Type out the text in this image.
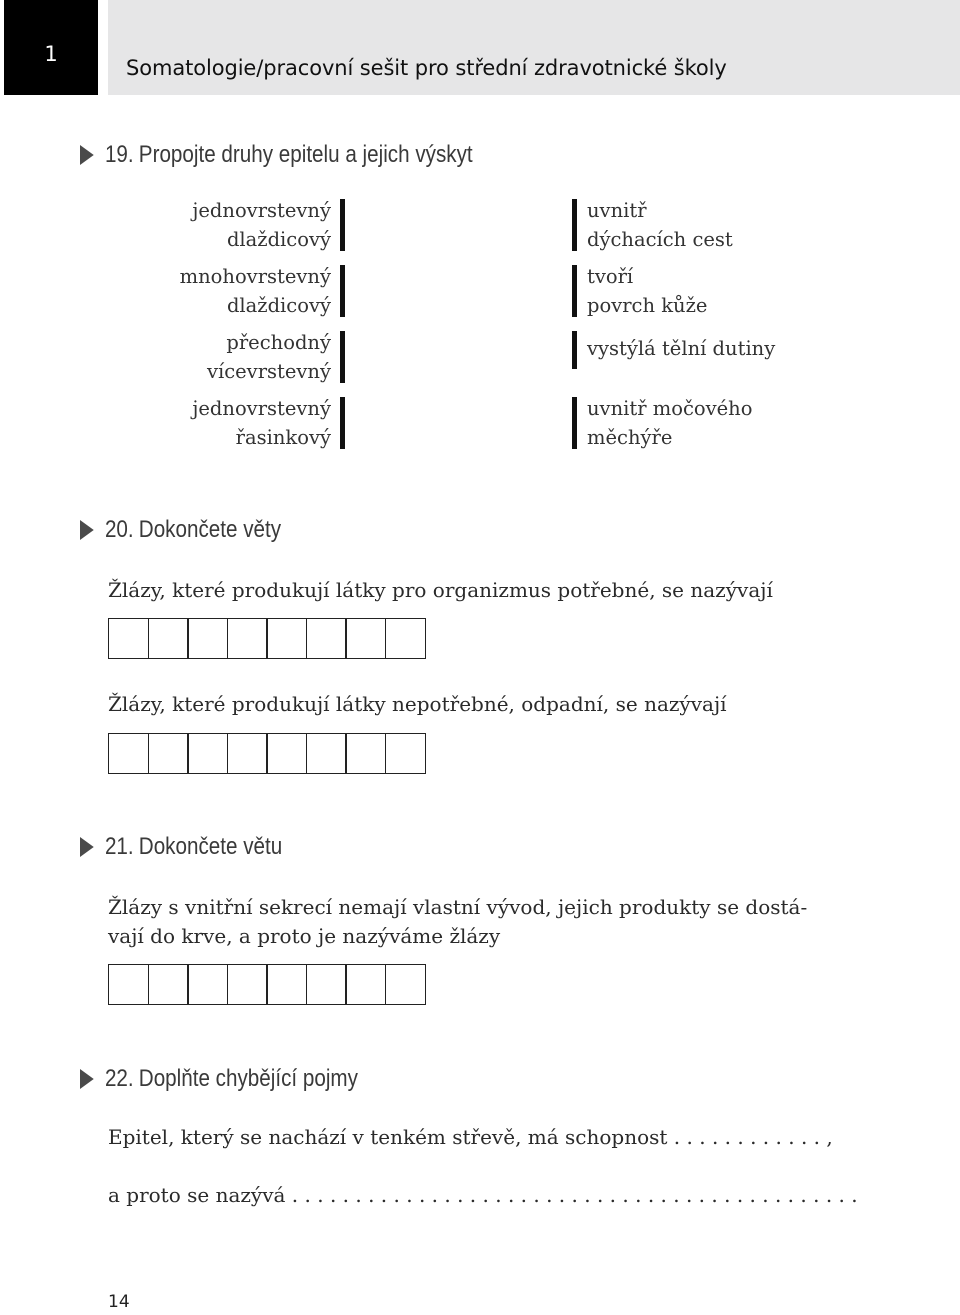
1
Somatologie/pracovní sešit pro střední zdravotnické školy
19. Propojte druhy epitelu a jejich výskyt
jednovrstevný
dlaždicový
mnohovrstevný
dlaždicový
přechodný
vícevrstevný
jednovrstevný
řasinkový
uvnitř
dýchacích cest
tvoří
povrch kůže
vystýlá tělní dutiny
uvnitř močového
měchýře
20. Dokončete věty
Žlázy, které produkují látky pro organizmus potřebné, se nazývají
Žlázy, které produkují látky nepotřebné, odpadní, se nazývají
21. Dokončete větu
Žlázy s vnitřní sekrecí nemají vlastní vývod, jejich produkty se dostá-
vají do krve, a proto je nazýváme žlázy
22. Doplňte chybějící pojmy
Epitel, který se nachází v tenkém střevě, má schopnost . . . . . . . . . . . . ,
a proto se nazývá . . . . . . . . . . . . . . . . . . . . . . . . . . . . . . . . . . . . . . . . . . . . .
14
